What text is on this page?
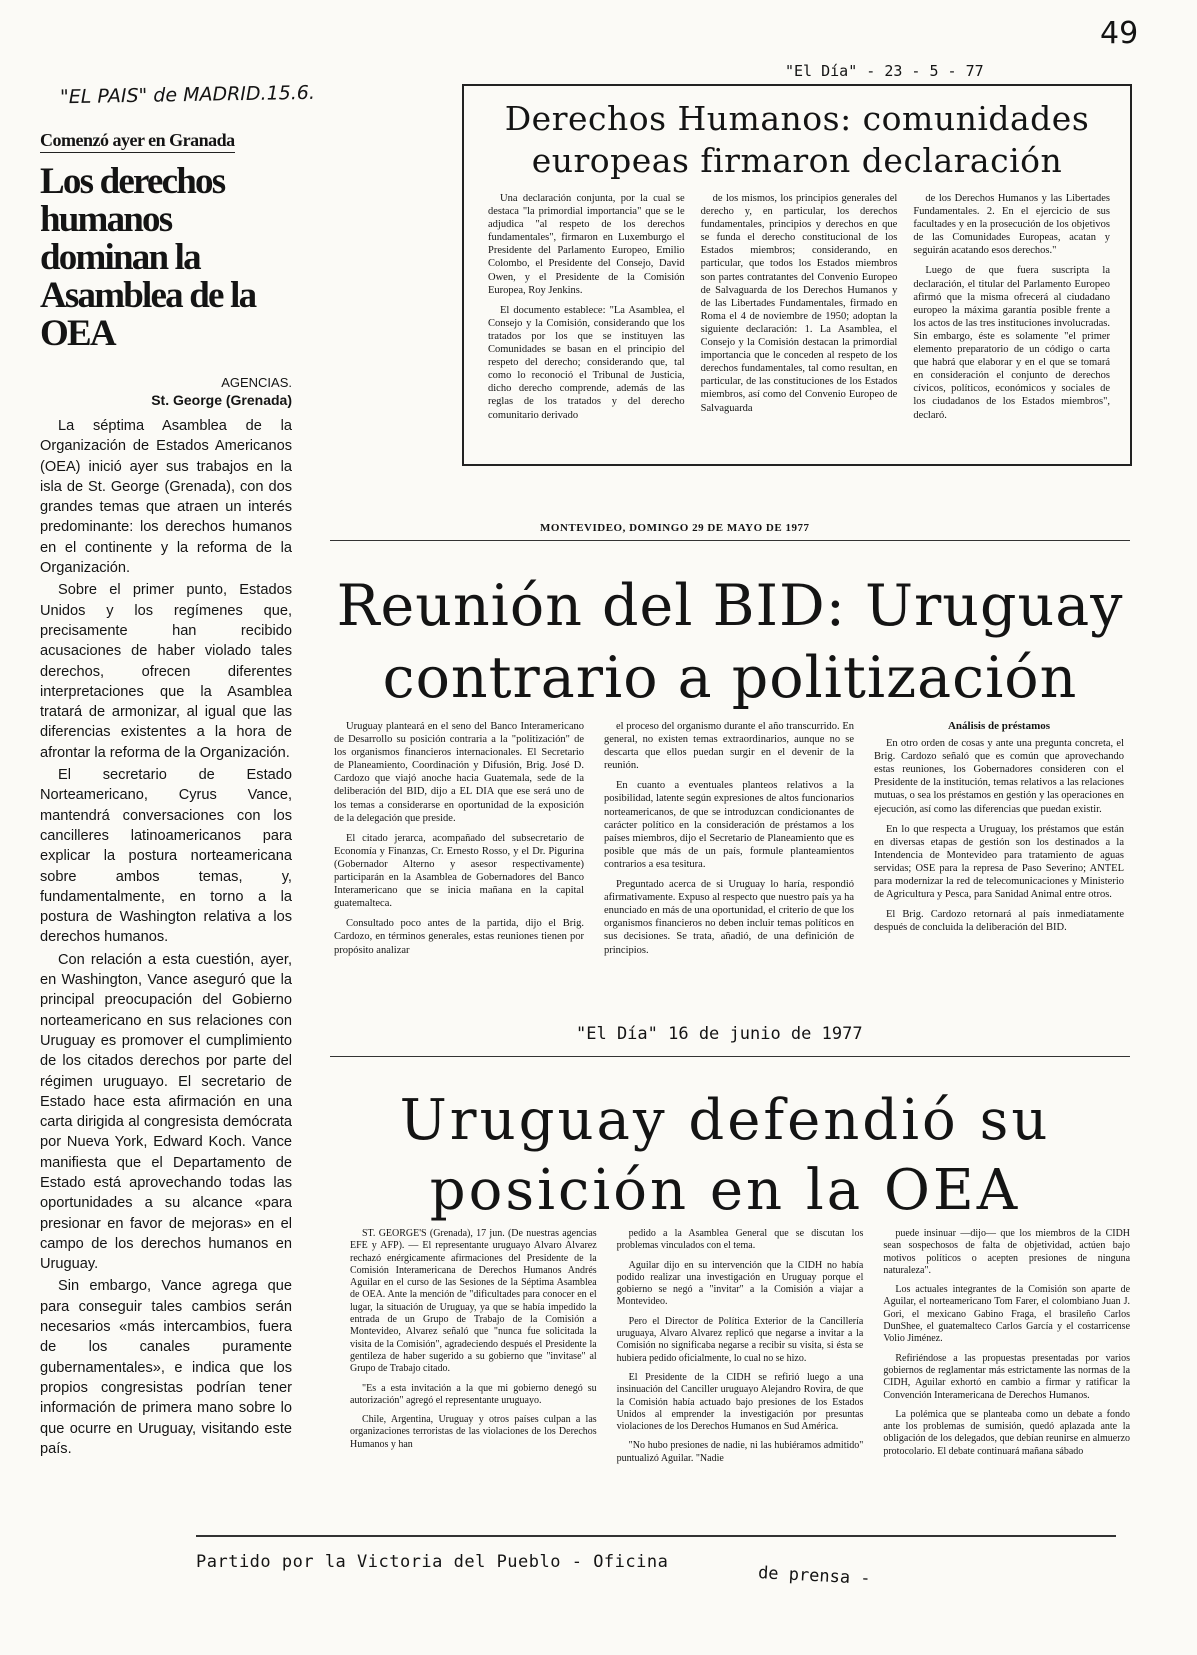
49
"EL PAIS" de MADRID.15.6.
Comenzó ayer en Granada
Los derechos humanos dominan la Asamblea de la OEA
AGENCIAS.
St. George (Grenada)

La séptima Asamblea de la Organización de Estados Americanos (OEA) inició ayer sus trabajos en la isla de St. George (Grenada), con dos grandes temas que atraen un interés predominante: los derechos humanos en el continente y la reforma de la Organización.

Sobre el primer punto, Estados Unidos y los regímenes que, precisamente han recibido acusaciones de haber violado tales derechos, ofrecen diferentes interpretaciones que la Asamblea tratará de armonizar, al igual que las diferencias existentes a la hora de afrontar la reforma de la Organización.

El secretario de Estado Norteamericano, Cyrus Vance, mantendrá conversaciones con los cancilleres latinoamericanos para explicar la postura norteamericana sobre ambos temas, y, fundamentalmente, en torno a la postura de Washington relativa a los derechos humanos.

Con relación a esta cuestión, ayer, en Washington, Vance aseguró que la principal preocupación del Gobierno norteamericano en sus relaciones con Uruguay es promover el cumplimiento de los citados derechos por parte del régimen uruguayo. El secretario de Estado hace esta afirmación en una carta dirigida al congresista demócrata por Nueva York, Edward Koch. Vance manifiesta que el Departamento de Estado está aprovechando todas las oportunidades a su alcance «para presionar en favor de mejoras» en el campo de los derechos humanos en Uruguay.

Sin embargo, Vance agrega que para conseguir tales cambios serán necesarios «más intercambios, fuera de los canales puramente gubernamentales», e indica que los propios congresistas podrían tener información de primera mano sobre lo que ocurre en Uruguay, visitando este país.

"El Día" - 23 - 5 - 77
Derechos Humanos: comunidades europeas firmaron declaración

Una declaración conjunta, por la cual se destaca "la primordial importancia" que se le adjudica "al respeto de los derechos fundamentales", firmaron en Luxemburgo el Presidente del Parlamento Europeo, Emilio Colombo, el Presidente del Consejo, David Owen, y el Presidente de la Comisión Europea, Roy Jenkins.

El documento establece: "La Asamblea, el Consejo y la Comisión, considerando que los tratados por los que se instituyen las Comunidades se basan en el principio del respeto del derecho; considerando que, tal como lo reconoció el Tribunal de Justicia, dicho derecho comprende, además de las reglas de los tratados y del derecho comunitario derivado

de los mismos, los principios generales del derecho y, en particular, los derechos fundamentales, principios y derechos en que se funda el derecho constitucional de los Estados miembros; considerando, en particular, que todos los Estados miembros son partes contratantes del Convenio Europeo de Salvaguarda de los Derechos Humanos y de las Libertades Fundamentales, firmado en Roma el 4 de noviembre de 1950; adoptan la siguiente declaración: 1. La Asamblea, el Consejo y la Comisión destacan la primordial importancia que le conceden al respeto de los derechos fundamentales, tal como resultan, en particular, de las constituciones de los Estados miembros, así como del Convenio Europeo de Salvaguarda

de los Derechos Humanos y las Libertades Fundamentales. 2. En el ejercicio de sus facultades y en la prosecución de los objetivos de las Comunidades Europeas, acatan y seguirán acatando esos derechos."

Luego de que fuera suscripta la declaración, el titular del Parlamento Europeo afirmó que la misma ofrecerá al ciudadano europeo la máxima garantía posible frente a los actos de las tres instituciones involucradas. Sin embargo, éste es solamente "el primer elemento preparatorio de un código o carta que habrá que elaborar y en el que se tomará en consideración el conjunto de derechos cívicos, políticos, económicos y sociales de los ciudadanos de los Estados miembros", declaró.

MONTEVIDEO, DOMINGO 29 DE MAYO DE 1977
Reunión del BID: Uruguay contrario a politización

Uruguay planteará en el seno del Banco Interamericano de Desarrollo su posición contraria a la "politización" de los organismos financieros internacionales. El Secretario de Planeamiento, Coordinación y Difusión, Brig. José D. Cardozo que viajó anoche hacia Guatemala, sede de la deliberación del BID, dijo a EL DIA que ese será uno de los temas a considerarse en oportunidad de la exposición de la delegación que preside.

El citado jerarca, acompañado del subsecretario de Economía y Finanzas, Cr. Ernesto Rosso, y el Dr. Pigurina (Gobernador Alterno y asesor respectivamente) participarán en la Asamblea de Gobernadores del Banco Interamericano que se inicia mañana en la capital guatemalteca.

Consultado poco antes de la partida, dijo el Brig. Cardozo, en términos generales, estas reuniones tienen por propósito analizar

el proceso del organismo durante el año transcurrido. En general, no existen temas extraordinarios, aunque no se descarta que ellos puedan surgir en el devenir de la reunión.

En cuanto a eventuales planteos relativos a la posibilidad, latente según expresiones de altos funcionarios norteamericanos, de que se introduzcan condicionantes de carácter político en la consideración de préstamos a los países miembros, dijo el Secretario de Planeamiento que es posible que más de un país, formule planteamientos contrarios a esa tesitura.

Preguntado acerca de si Uruguay lo haría, respondió afirmativamente. Expuso al respecto que nuestro país ya ha enunciado en más de una oportunidad, el criterio de que los organismos financieros no deben incluir temas políticos en sus decisiones. Se trata, añadió, de una definición de principios.

Análisis de préstamos

En otro orden de cosas y ante una pregunta concreta, el Brig. Cardozo señaló que es común que aprovechando estas reuniones, los Gobernadores consideren con el Presidente de la institución, temas relativos a las relaciones mutuas, o sea los préstamos en gestión y las operaciones en ejecución, así como las diferencias que puedan existir.

En lo que respecta a Uruguay, los préstamos que están en diversas etapas de gestión son los destinados a la Intendencia de Montevideo para tratamiento de aguas servidas; OSE para la represa de Paso Severino; ANTEL para modernizar la red de telecomunicaciones y Ministerio de Agricultura y Pesca, para Sanidad Animal entre otros.

El Brig. Cardozo retornará al país inmediatamente después de concluida la deliberación del BID.

"El Día" 16 de junio de 1977
Uruguay defendió su posición en la OEA

ST. GEORGE'S (Grenada), 17 jun. (De nuestras agencias EFE y AFP). — El representante uruguayo Alvaro Alvarez rechazó enérgicamente afirmaciones del Presidente de la Comisión Interamericana de Derechos Humanos Andrés Aguilar en el curso de las Sesiones de la Séptima Asamblea de OEA. Ante la mención de "dificultades para conocer en el lugar, la situación de Uruguay, ya que se había impedido la entrada de un Grupo de Trabajo de la Comisión a Montevideo, Alvarez señaló que "nunca fue solicitada la visita de la Comisión", agradeciendo después el Presidente la gentileza de haber sugerido a su gobierno que "invitase" al Grupo de Trabajo citado.

"Es a esta invitación a la que mi gobierno denegó su autorización" agregó el representante uruguayo.

Chile, Argentina, Uruguay y otros países culpan a las organizaciones terroristas de las violaciones de los Derechos Humanos y han

pedido a la Asamblea General que se discutan los problemas vinculados con el tema.

Aguilar dijo en su intervención que la CIDH no había podido realizar una investigación en Uruguay porque el gobierno se negó a "invitar" a la Comisión a viajar a Montevideo.

Pero el Director de Política Exterior de la Cancillería uruguaya, Alvaro Alvarez replicó que negarse a invitar a la Comisión no significaba negarse a recibir su visita, si ésta se hubiera pedido oficialmente, lo cual no se hizo.

El Presidente de la CIDH se refirió luego a una insinuación del Canciller uruguayo Alejandro Rovira, de que la Comisión había actuado bajo presiones de los Estados Unidos al emprender la investigación por presuntas violaciones de los Derechos Humanos en Sud América.

"No hubo presiones de nadie, ni las hubiéramos admitido" puntualizó Aguilar. "Nadie

puede insinuar —dijo— que los miembros de la CIDH sean sospechosos de falta de objetividad, actúen bajo motivos políticos o acepten presiones de ninguna naturaleza".

Los actuales integrantes de la Comisión son aparte de Aguilar, el norteamericano Tom Farer, el colombiano Juan J. Gori, el mexicano Gabino Fraga, el brasileño Carlos DunShee, el guatemalteco Carlos García y el costarricense Volio Jiménez.

Refiriéndose a las propuestas presentadas por varios gobiernos de reglamentar más estrictamente las normas de la CIDH, Aguilar exhortó en cambio a firmar y ratificar la Convención Interamericana de Derechos Humanos.

La polémica que se planteaba como un debate a fondo ante los problemas de sumisión, quedó aplazada ante la obligación de los delegados, que debían reunirse en almuerzo protocolario. El debate continuará mañana sábado

Partido por la Victoria del Pueblo - Oficina
de prensa -
